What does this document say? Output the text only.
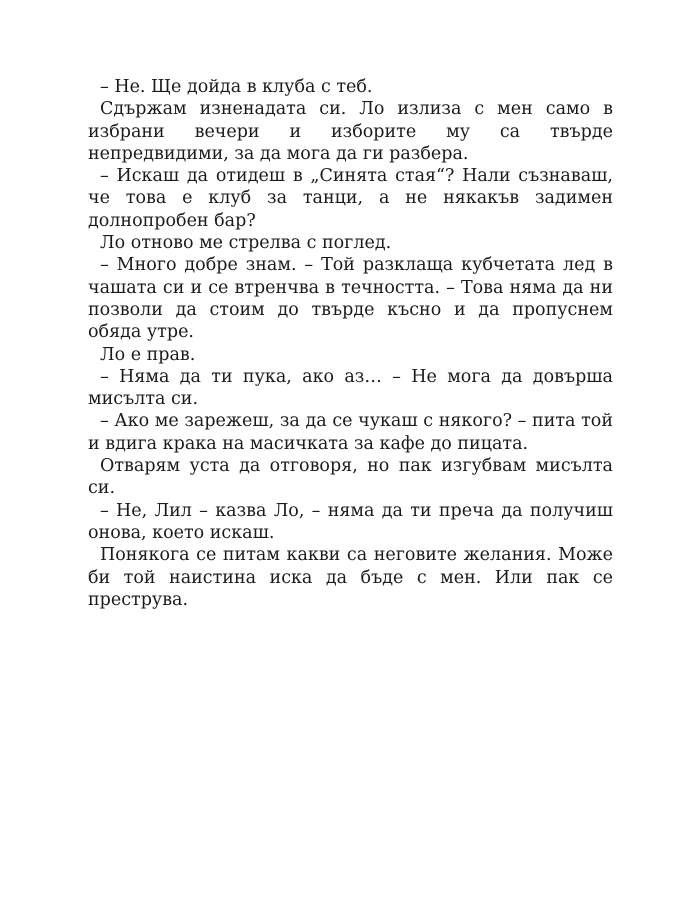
– Не. Ще дойда в клуба с теб.

Сдържам изненадата си. Ло излиза с мен само в избрани вечери и изборите му са твърде непредвидими, за да мога да ги разбера.

– Искаш да отидеш в „Синята стая“? Нали съзнаваш, че това е клуб за танци, а не някакъв задимен долнопробен бар?

Ло отново ме стрелва с поглед.

– Много добре знам. – Той разклаща кубчетата лед в чашата си и се втренчва в течността. – Това няма да ни позволи да стоим до твърде късно и да пропуснем обяда утре.

Ло е прав.

– Няма да ти пука, ако аз… – Не мога да довърша мисълта си.

– Ако ме зарежеш, за да се чукаш с някого? – пита той и вдига крака на масичката за кафе до пицата.

Отварям уста да отговоря, но пак изгубвам мисълта си.

– Не, Лил – казва Ло, – няма да ти преча да получиш онова, което искаш.

Понякога се питам какви са неговите желания. Може би той наистина иска да бъде с мен. Или пак се преструва.
